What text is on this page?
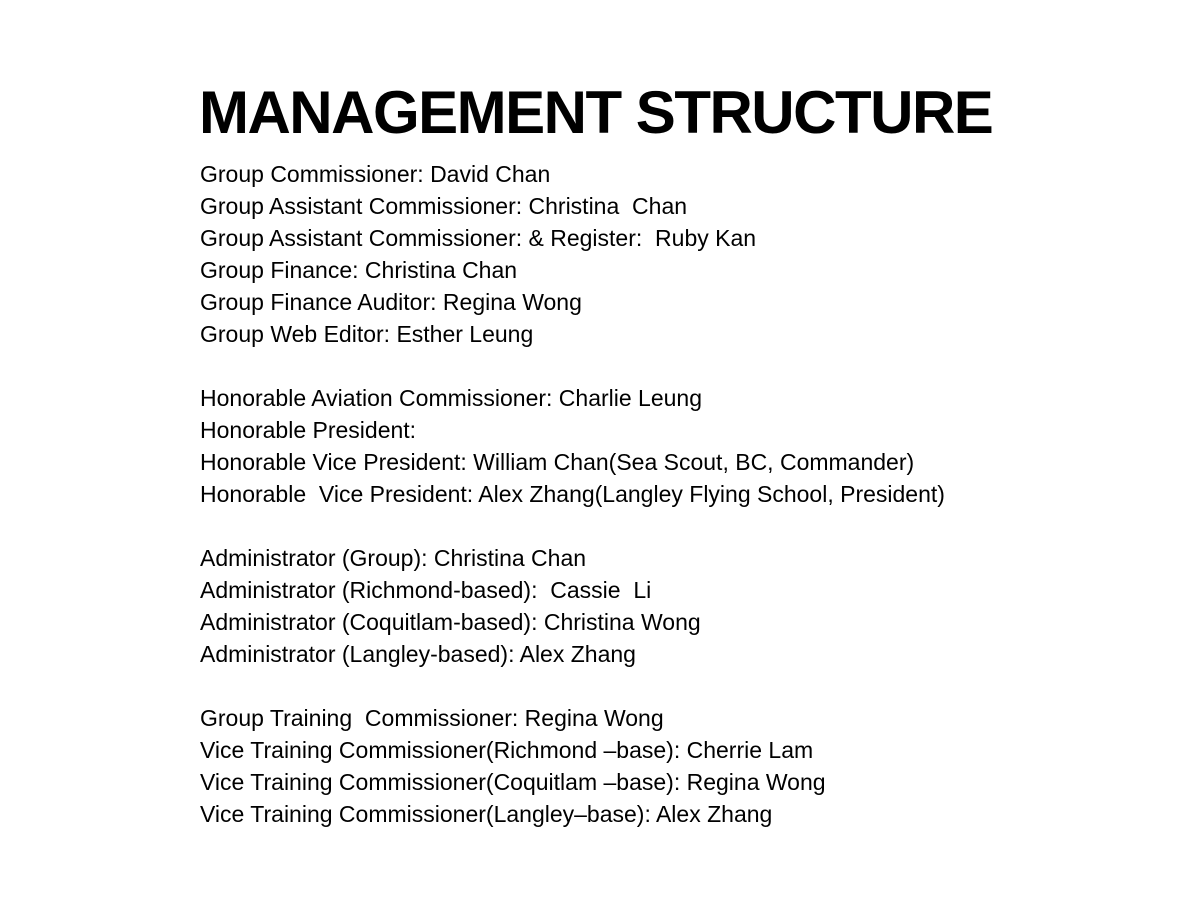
MANAGEMENT STRUCTURE
Group Commissioner: David Chan
Group Assistant Commissioner: Christina  Chan
Group Assistant Commissioner: & Register:  Ruby Kan
Group Finance: Christina Chan
Group Finance Auditor: Regina Wong
Group Web Editor: Esther Leung
Honorable Aviation Commissioner: Charlie Leung
Honorable President:
Honorable Vice President: William Chan(Sea Scout, BC, Commander)
Honorable  Vice President: Alex Zhang(Langley Flying School, President)
Administrator (Group): Christina Chan
Administrator (Richmond-based):  Cassie  Li
Administrator (Coquitlam-based): Christina Wong
Administrator (Langley-based): Alex Zhang
Group Training  Commissioner: Regina Wong
Vice Training Commissioner(Richmond –base): Cherrie Lam
Vice Training Commissioner(Coquitlam –base): Regina Wong
Vice Training Commissioner(Langley–base): Alex Zhang
